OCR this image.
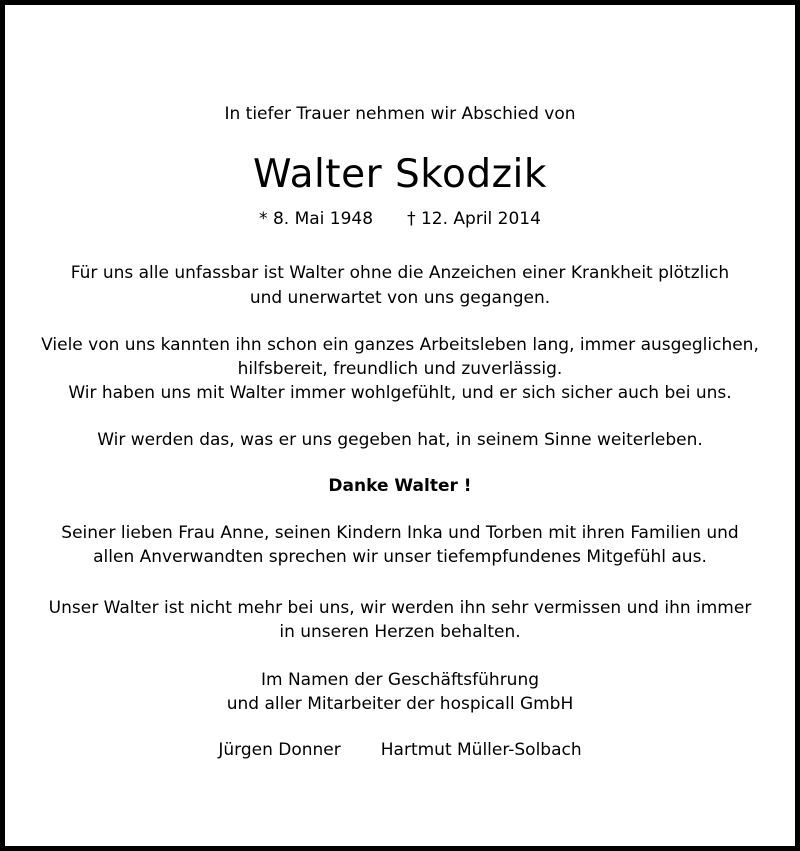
In tiefer Trauer nehmen wir Abschied von
Walter Skodzik
* 8. Mai 1948 † 12. April 2014
Für uns alle unfassbar ist Walter ohne die Anzeichen einer Krankheit plötzlich
und unerwartet von uns gegangen.
Viele von uns kannten ihn schon ein ganzes Arbeitsleben lang, immer ausgeglichen,
hilfsbereit, freundlich und zuverlässig.
Wir haben uns mit Walter immer wohlgefühlt, und er sich sicher auch bei uns.
Wir werden das, was er uns gegeben hat, in seinem Sinne weiterleben.
Danke Walter !
Seiner lieben Frau Anne, seinen Kindern Inka und Torben mit ihren Familien und
allen Anverwandten sprechen wir unser tiefempfundenes Mitgefühl aus.
Unser Walter ist nicht mehr bei uns, wir werden ihn sehr vermissen und ihn immer
in unseren Herzen behalten.
Im Namen der Geschäftsführung
und aller Mitarbeiter der hospicall GmbH
Jürgen Donner Hartmut Müller-Solbach
